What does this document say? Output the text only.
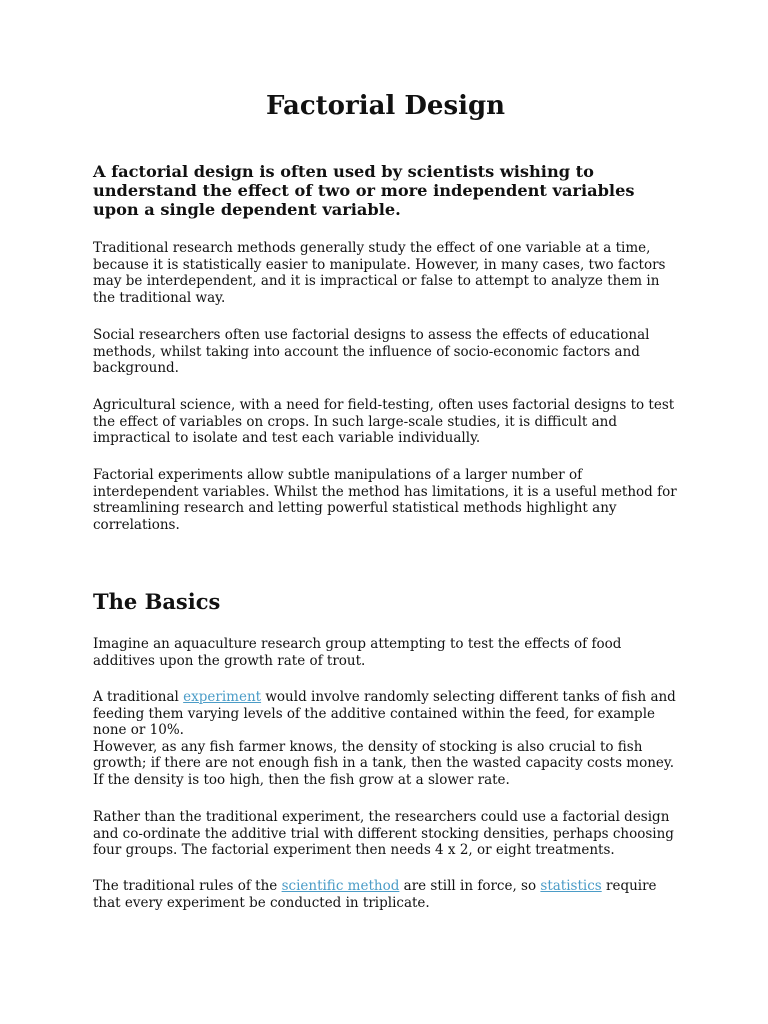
Factorial Design

A factorial design is often used by scientists wishing to understand the effect of two or more independent variables upon a single dependent variable.

Traditional research methods generally study the effect of one variable at a time, because it is statistically easier to manipulate. However, in many cases, two factors may be interdependent, and it is impractical or false to attempt to analyze them in the traditional way.

Social researchers often use factorial designs to assess the effects of educational methods, whilst taking into account the influence of socio-economic factors and background.

Agricultural science, with a need for field-testing, often uses factorial designs to test the effect of variables on crops. In such large-scale studies, it is difficult and impractical to isolate and test each variable individually.

Factorial experiments allow subtle manipulations of a larger number of interdependent variables. Whilst the method has limitations, it is a useful method for streamlining research and letting powerful statistical methods highlight any correlations.

The Basics

Imagine an aquaculture research group attempting to test the effects of food additives upon the growth rate of trout.

A traditional experiment would involve randomly selecting different tanks of fish and feeding them varying levels of the additive contained within the feed, for example none or 10%.
However, as any fish farmer knows, the density of stocking is also crucial to fish growth; if there are not enough fish in a tank, then the wasted capacity costs money. If the density is too high, then the fish grow at a slower rate.

Rather than the traditional experiment, the researchers could use a factorial design and co-ordinate the additive trial with different stocking densities, perhaps choosing four groups. The factorial experiment then needs 4 x 2, or eight treatments.

The traditional rules of the scientific method are still in force, so statistics require that every experiment be conducted in triplicate.
